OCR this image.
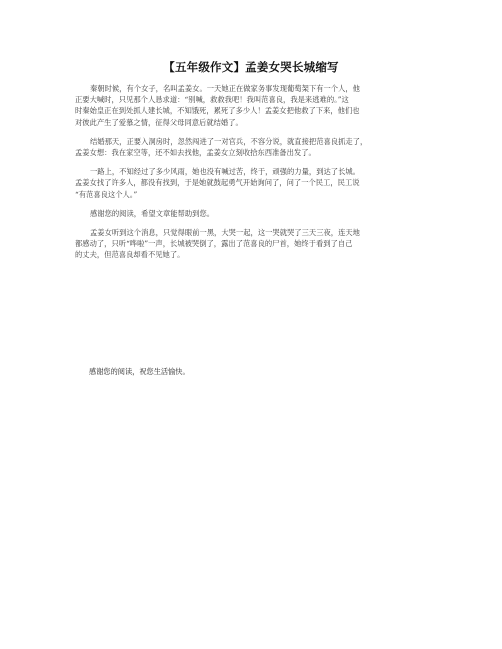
【五年级作文】孟姜女哭长城缩写
秦朝时候，有个女子，名叫孟姜女。一天她正在做家务事发现葡萄架下有一个人，他
正要大喊时，只见那个人恳求道：“别喊，救救我吧！我叫范喜良，我是来逃难的。”这
时秦始皇正在到处抓人建长城，不知饿死，累死了多少人！孟姜女把他救了下来，他们也
对彼此产生了爱慕之情，征得父母同意后就结婚了。
结婚那天，正要入洞房时，忽然闯进了一对官兵，不容分说，就直接把范喜良抓走了，
孟姜女想：我在家空等，还不如去找他，孟姜女立刻收拾东西准备出发了。
一路上，不知经过了多少风雨，她也没有喊过苦，终于，顽强的力量，到达了长城。
孟姜女找了许多人，都没有找到，于是她就鼓起勇气开始询问了，问了一个民工，民工说
“有范喜良这个人。”
感谢您的阅读，希望文章能帮助到您。
孟姜女听到这个消息，只觉得眼前一黑，大哭一起，这一哭就哭了三天三夜，连天地
都感动了，只听“哗啦”一声，长城被哭倒了，露出了范喜良的尸首，她终于看到了自己
的丈夫，但范喜良却看不见她了。
感谢您的阅读，祝您生活愉快。
